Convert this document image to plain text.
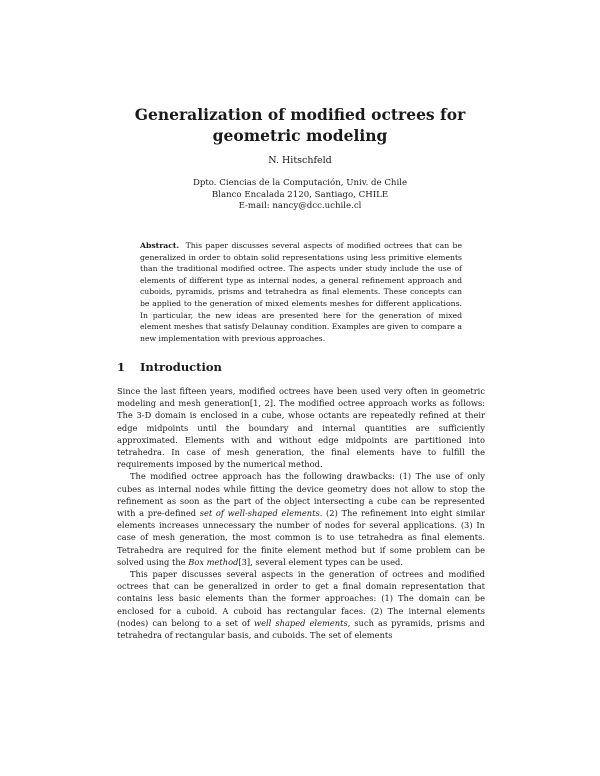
Generalization of modified octrees for geometric modeling
N. Hitschfeld
Dpto. Ciencias de la Computación, Univ. de Chile
Blanco Encalada 2120, Santiago, CHILE
E-mail: nancy@dcc.uchile.cl
Abstract. This paper discusses several aspects of modified octrees that can be generalized in order to obtain solid representations using less primitive elements than the traditional modified octree. The aspects under study include the use of elements of different type as internal nodes, a general refinement approach and cuboids, pyramids, prisms and tetrahedra as final elements. These concepts can be applied to the generation of mixed elements meshes for different applications. In particular, the new ideas are presented here for the generation of mixed element meshes that satisfy Delaunay condition. Examples are given to compare a new implementation with previous approaches.
1 Introduction

Since the last fifteen years, modified octrees have been used very often in geometric modeling and mesh generation[1, 2]. The modified octree approach works as follows: The 3-D domain is enclosed in a cube, whose octants are repeatedly refined at their edge midpoints until the boundary and internal quantities are sufficiently approximated. Elements with and without edge midpoints are partitioned into tetrahedra. In case of mesh generation, the final elements have to fulfill the requirements imposed by the numerical method.

The modified octree approach has the following drawbacks: (1) The use of only cubes as internal nodes while fitting the device geometry does not allow to stop the refinement as soon as the part of the object intersecting a cube can be represented with a pre-defined set of well-shaped elements. (2) The refinement into eight similar elements increases unnecessary the number of nodes for several applications. (3) In case of mesh generation, the most common is to use tetrahedra as final elements. Tetrahedra are required for the finite element method but if some problem can be solved using the Box method[3], several element types can be used.

This paper discusses several aspects in the generation of octrees and modified octrees that can be generalized in order to get a final domain representation that contains less basic elements than the former approaches: (1) The domain can be enclosed for a cuboid. A cuboid has rectangular faces. (2) The internal elements (nodes) can belong to a set of well shaped elements, such as pyramids, prisms and tetrahedra of rectangular basis, and cuboids. The set of elements
